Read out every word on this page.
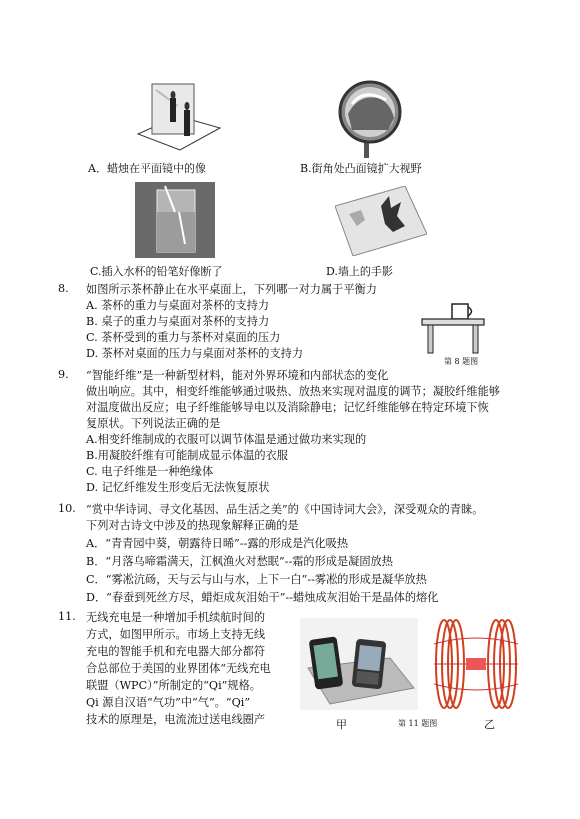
A．蜡烛在平面镜中的像	B.街角处凸面镜扩大视野
C.插入水杯的铅笔好像断了	D.墙上的手影
8. 如图所示茶杯静止在水平桌面上，下列哪一对力属于平衡力
A. 茶杯的重力与桌面对茶杯的支持力
B. 桌子的重力与桌面对茶杯的支持力
C. 茶杯受到的重力与茶杯对桌面的压力
D. 茶杯对桌面的压力与桌面对茶杯的支持力
第 8 题图
9. “智能纤维”是一种新型材料，能对外界环境和内部状态的变化
做出响应。其中，相变纤维能够通过吸热、放热来实现对温度的调节；凝胶纤维能够
对温度做出反应；电子纤维能够导电以及消除静电；记忆纤维能够在特定环境下恢
复原状。下列说法正确的是
A.相变纤维制成的衣服可以调节体温是通过做功来实现的
B.用凝胶纤维有可能制成显示体温的衣服
C. 电子纤维是一种绝缘体
D. 记忆纤维发生形变后无法恢复原状
10. “赏中华诗词、寻文化基因、品生活之美”的《中国诗词大会》，深受观众的青睐。
下列对古诗文中涉及的热现象解释正确的是
A．“青青园中葵，朝露待日晞”--露的形成是汽化吸热
B．“月落乌啼霜满天，江枫渔火对愁眠”--霜的形成是凝固放热
C．“雾凇沆砀，天与云与山与水，上下一白”--雾凇的形成是凝华放热
D．“春蚕到死丝方尽，蜡炬成灰泪始干”--蜡烛成灰泪始干是晶体的熔化
11. 无线充电是一种增加手机续航时间的
方式，如图甲所示。市场上支持无线
充电的智能手机和充电器大部分都符
合总部位于美国的业界团体“无线充电
联盟（WPC）”所制定的“Qi”规格。
Qi 源自汉语“气功”中“气”。“Qi”
技术的原理是，电流流过送电线圈产	甲	第 11 题图	乙
